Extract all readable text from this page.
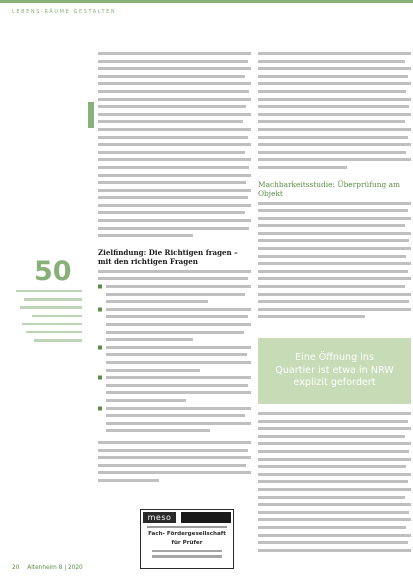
LEBENS-RÄUME GESTALTEN
50
Zielfindung: Die Richtigen fragen – mit den richtigen Fragen
Machbarkeitsstudie: Überprüfung am Objekt
Eine Öffnung ins
Quartier ist etwa in NRW
explizit gefordert
meso
Fach- Fördergesellschaft
für Prüfer
20 Altenheim 8 | 2020
